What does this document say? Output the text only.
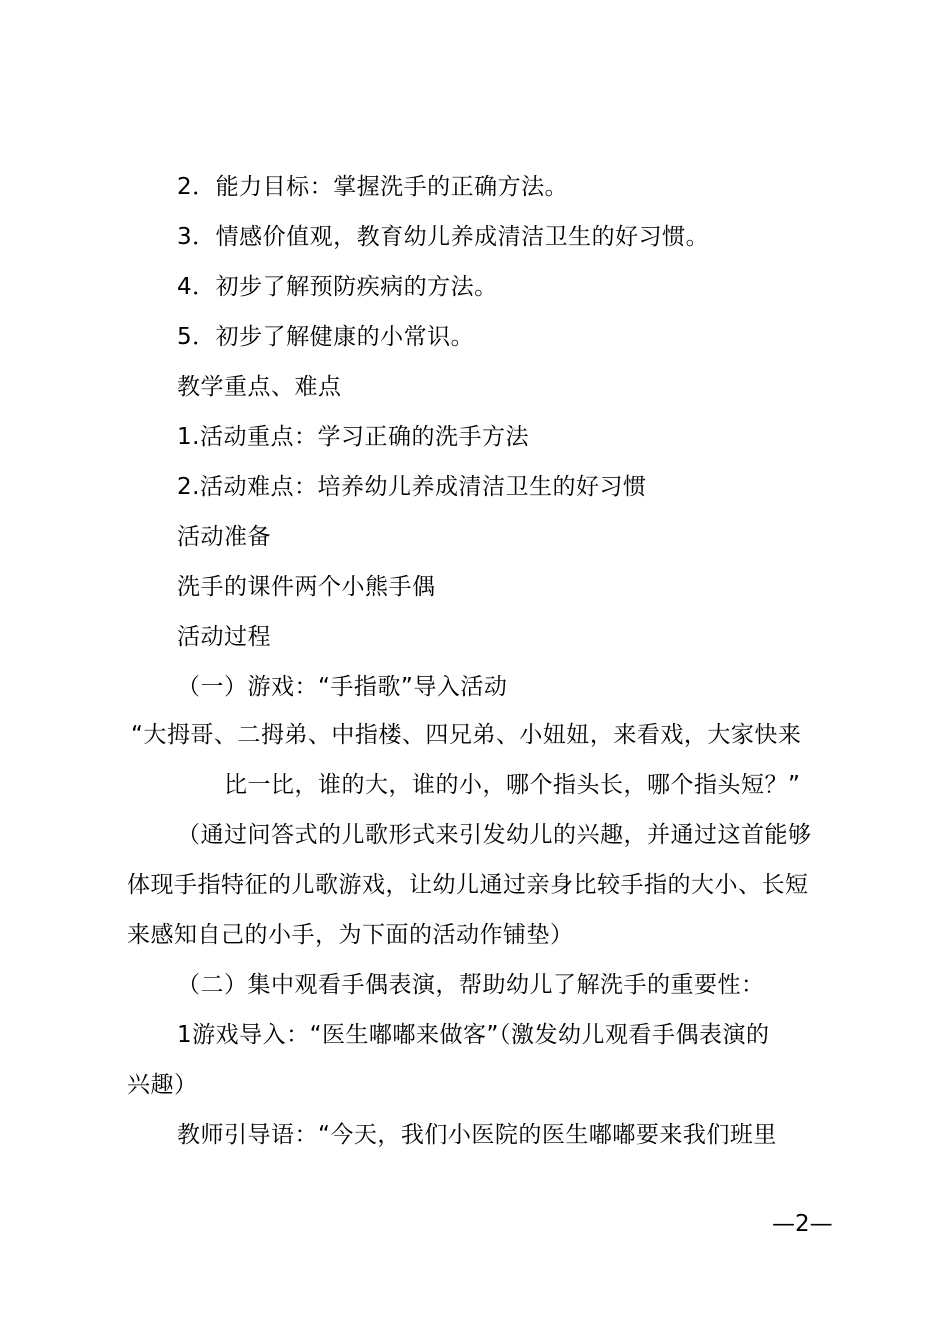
2．能力目标：掌握洗手的正确方法。
3．情感价值观，教育幼儿养成清洁卫生的好习惯。
4．初步了解预防疾病的方法。
5．初步了解健康的小常识。
教学重点、难点
1.活动重点：学习正确的洗手方法
2.活动难点：培养幼儿养成清洁卫生的好习惯
活动准备
洗手的课件两个小熊手偶
活动过程
（一）游戏：“手指歌”导入活动
“大拇哥、二拇弟、中指楼、四兄弟、小妞妞，来看戏，大家快来
比一比，谁的大，谁的小，哪个指头长，哪个指头短？”
（通过问答式的儿歌形式来引发幼儿的兴趣，并通过这首能够
体现手指特征的儿歌游戏，让幼儿通过亲身比较手指的大小、长短
来感知自己的小手，为下面的活动作铺垫）
（二）集中观看手偶表演，帮助幼儿了解洗手的重要性：
1游戏导入：“医生嘟嘟来做客”（激发幼儿观看手偶表演的
兴趣）
教师引导语：“今天，我们小医院的医生嘟嘟要来我们班里
—2—
